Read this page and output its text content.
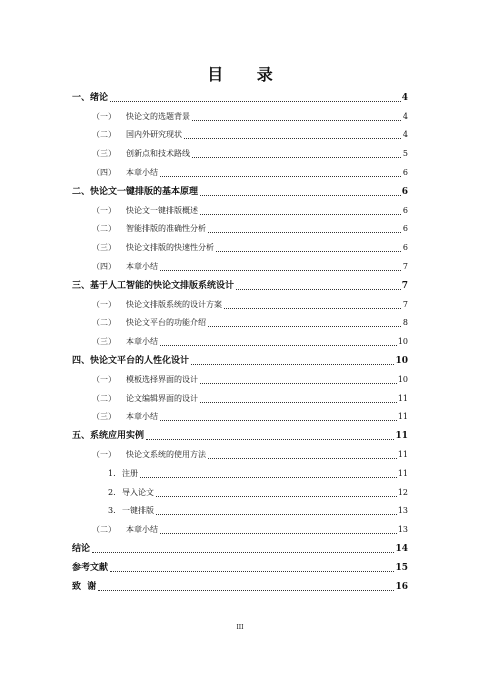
目 录
一、 绪论	4
（一）	快论文的选题背景	4
（二）	国内外研究现状	4
（三）	创新点和技术路线	5
（四）	本章小结	6
二、 快论文一键排版的基本原理	6
（一）	快论文一键排版概述	6
（二）	智能排版的准确性分析	6
（三）	快论文排版的快速性分析	6
（四）	本章小结	7
三、 基于人工智能的快论文排版系统设计	7
（一）	快论文排版系统的设计方案	7
（二）	快论文平台的功能介绍	8
（三）	本章小结	10
四、 快论文平台的人性化设计	10
（一）	模板选择界面的设计	10
（二）	论文编辑界面的设计	11
（三）	本章小结	11
五、 系统应用实例	11
（一）	快论文系统的使用方法	11
1. 注册	11
2. 导入论文	12
3. 一键排版	13
（二）	本章小结	13
结论	14
参考文献	15
致  谢	16
III
